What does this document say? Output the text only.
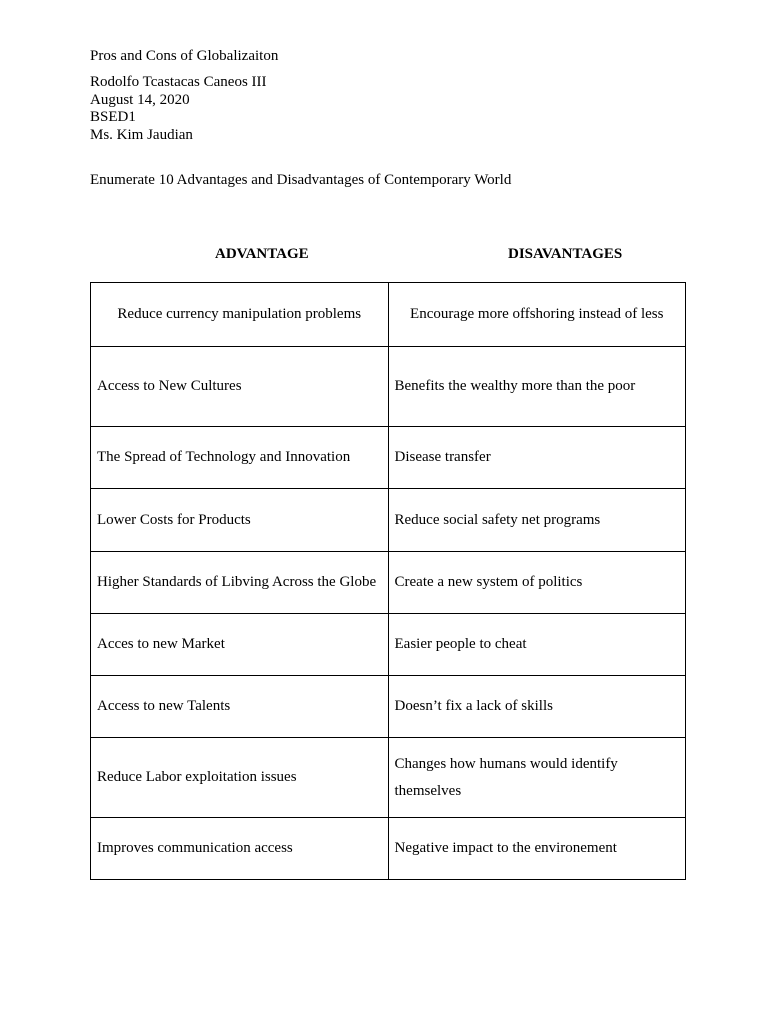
Pros and Cons of Globalizaiton
Rodolfo Tcastacas Caneos III
August 14, 2020
BSED1
Ms. Kim Jaudian
Enumerate 10 Advantages and Disadvantages of Contemporary World
ADVANTAGE	DISAVANTAGES
Reduce currency manipulation problems	Encourage more offshoring instead of less
Access to New Cultures	Benefits the wealthy more than the poor
The Spread of Technology and Innovation	Disease transfer
Lower Costs for Products	Reduce social safety net programs
Higher Standards of Libving Across the Globe	Create a new system of politics
Acces to new Market	Easier people to cheat
Access to new Talents	Doesn’t fix a lack of skills
Reduce Labor exploitation issues	Changes how humans would identify themselves
Improves communication access	Negative impact to the environement
